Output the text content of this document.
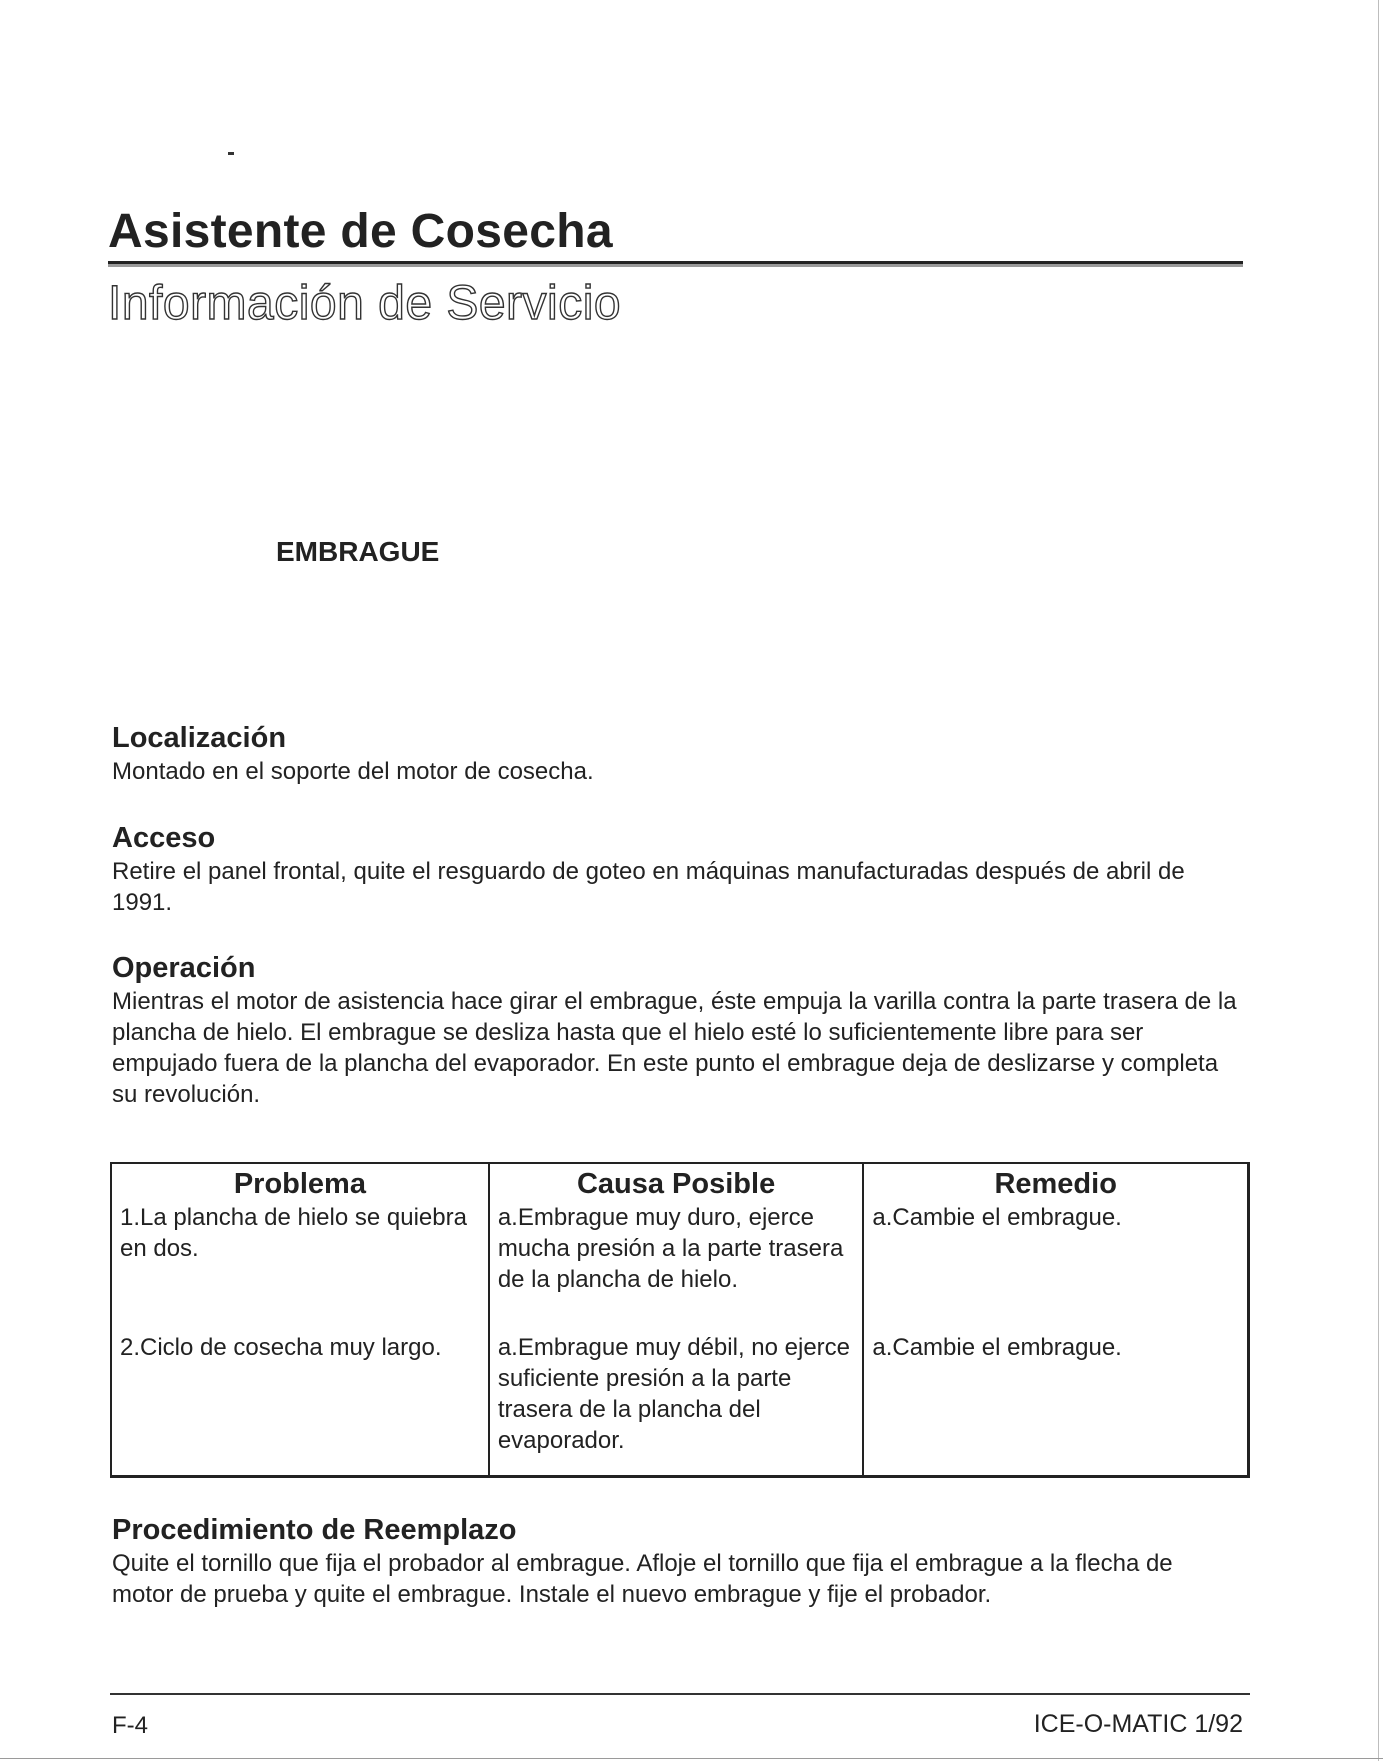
Asistente de Cosecha
Información de Servicio
EMBRAGUE
Localización

Montado en el soporte del motor de cosecha.

Acceso

Retire el panel frontal, quite el resguardo de goteo en máquinas manufacturadas después de abril de 1991.

Operación

Mientras el motor de asistencia hace girar el embrague, éste empuja la varilla contra la parte trasera de la plancha de hielo. El embrague se desliza hasta que el hielo esté lo suficientemente libre para ser empujado fuera de la plancha del evaporador. En este punto el embrague deja de deslizarse y completa su revolución.

Problema	Causa Posible	Remedio
1.La plancha de hielo se quiebra en dos.	a.Embrague muy duro, ejerce mucha presión a la parte trasera de la plancha de hielo.	a.Cambie el embrague.
2.Ciclo de cosecha muy largo.	a.Embrague muy débil, no ejerce suficiente presión a la parte trasera de la plancha del evaporador.	a.Cambie el embrague.
Procedimiento de Reemplazo

Quite el tornillo que fija el probador al embrague. Afloje el tornillo que fija el embrague a la flecha de motor de prueba y quite el embrague. Instale el nuevo embrague y fije el probador.

F-4	ICE-O-MATIC 1/92
